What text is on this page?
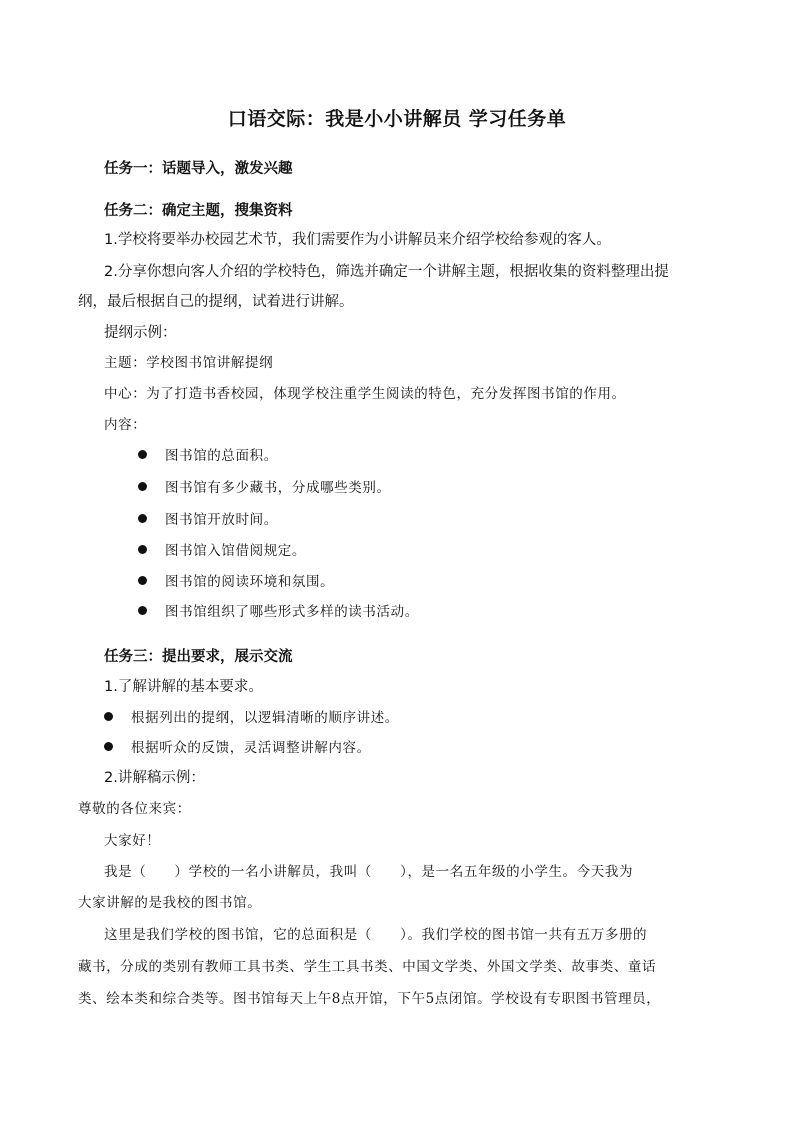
口语交际：我是小小讲解员 学习任务单
任务一：话题导入，激发兴趣
任务二：确定主题，搜集资料
1.学校将要举办校园艺术节，我们需要作为小讲解员来介绍学校给参观的客人。
2.分享你想向客人介绍的学校特色，筛选并确定一个讲解主题，根据收集的资料整理出提
纲，最后根据自己的提纲，试着进行讲解。
提纲示例：
主题：学校图书馆讲解提纲
中心：为了打造书香校园，体现学校注重学生阅读的特色，充分发挥图书馆的作用。
内容：
图书馆的总面积。
图书馆有多少藏书，分成哪些类别。
图书馆开放时间。
图书馆入馆借阅规定。
图书馆的阅读环境和氛围。
图书馆组织了哪些形式多样的读书活动。
任务三：提出要求，展示交流
1.了解讲解的基本要求。
根据列出的提纲，以逻辑清晰的顺序讲述。
根据听众的反馈，灵活调整讲解内容。
2.讲解稿示例：
尊敬的各位来宾：
大家好！
我是（　　）学校的一名小讲解员，我叫（　　），是一名五年级的小学生。今天我为
大家讲解的是我校的图书馆。
这里是我们学校的图书馆，它的总面积是（　　）。我们学校的图书馆一共有五万多册的
藏书，分成的类别有教师工具书类、学生工具书类、中国文学类、外国文学类、故事类、童话
类、绘本类和综合类等。图书馆每天上午8点开馆，下午5点闭馆。学校设有专职图书管理员，
